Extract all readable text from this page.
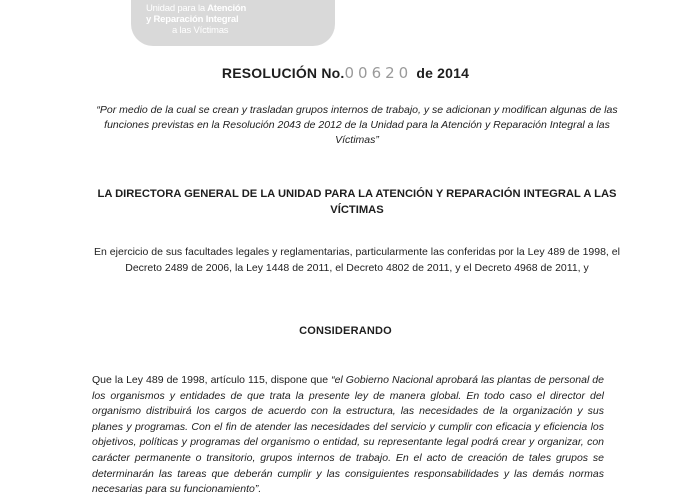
Unidad para la Atención
y Reparación Integral
a las Víctimas
RESOLUCIÓN No.00620 de 2014
“Por medio de la cual se crean y trasladan grupos internos de trabajo, y se adicionan y modifican algunas de las funciones previstas en la Resolución 2043 de 2012 de la Unidad para la Atención y Reparación Integral a las Víctimas”
LA DIRECTORA GENERAL DE LA UNIDAD PARA LA ATENCIÓN Y REPARACIÓN INTEGRAL A LAS VÍCTIMAS
En ejercicio de sus facultades legales y reglamentarias, particularmente las conferidas por la Ley 489 de 1998, el Decreto 2489 de 2006, la Ley 1448 de 2011, el Decreto 4802 de 2011, y el Decreto 4968 de 2011, y
CONSIDERANDO
Que la Ley 489 de 1998, artículo 115, dispone que “el Gobierno Nacional aprobará las plantas de personal de los organismos y entidades de que trata la presente ley de manera global. En todo caso el director del organismo distribuirá los cargos de acuerdo con la estructura, las necesidades de la organización y sus planes y programas. Con el fin de atender las necesidades del servicio y cumplir con eficacia y eficiencia los objetivos, políticas y programas del organismo o entidad, su representante legal podrá crear y organizar, con carácter permanente o transitorio, grupos internos de trabajo. En el acto de creación de tales grupos se determinarán las tareas que deberán cumplir y las consiguientes responsabilidades y las demás normas necesarias para su funcionamiento”.
